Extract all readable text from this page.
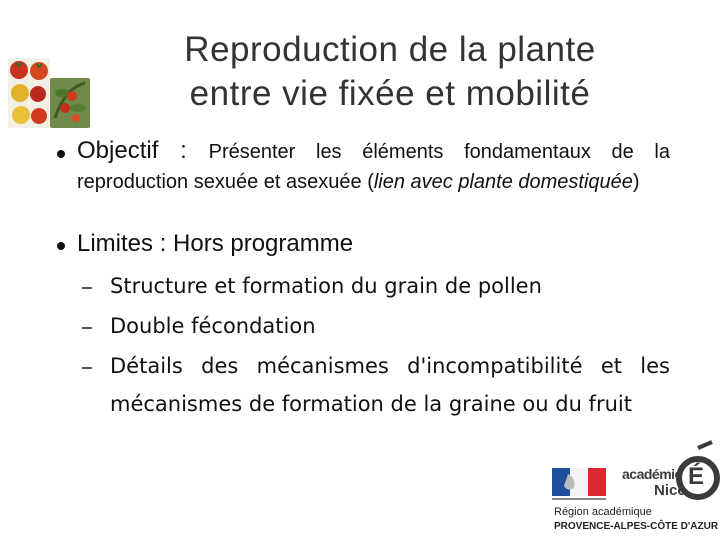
Reproduction de la plante
entre vie fixée et mobilité
Objectif : Présenter les éléments fondamentaux de la reproduction sexuée et asexuée (lien avec plante domestiquée)
Limites : Hors programme
Structure et formation du grain de pollen
Double fécondation
Détails des mécanismes d'incompatibilité et les mécanismes de formation de la graine ou du fruit
académie
Nice
É
Région académique
PROVENCE-ALPES-CÔTE D'AZUR
